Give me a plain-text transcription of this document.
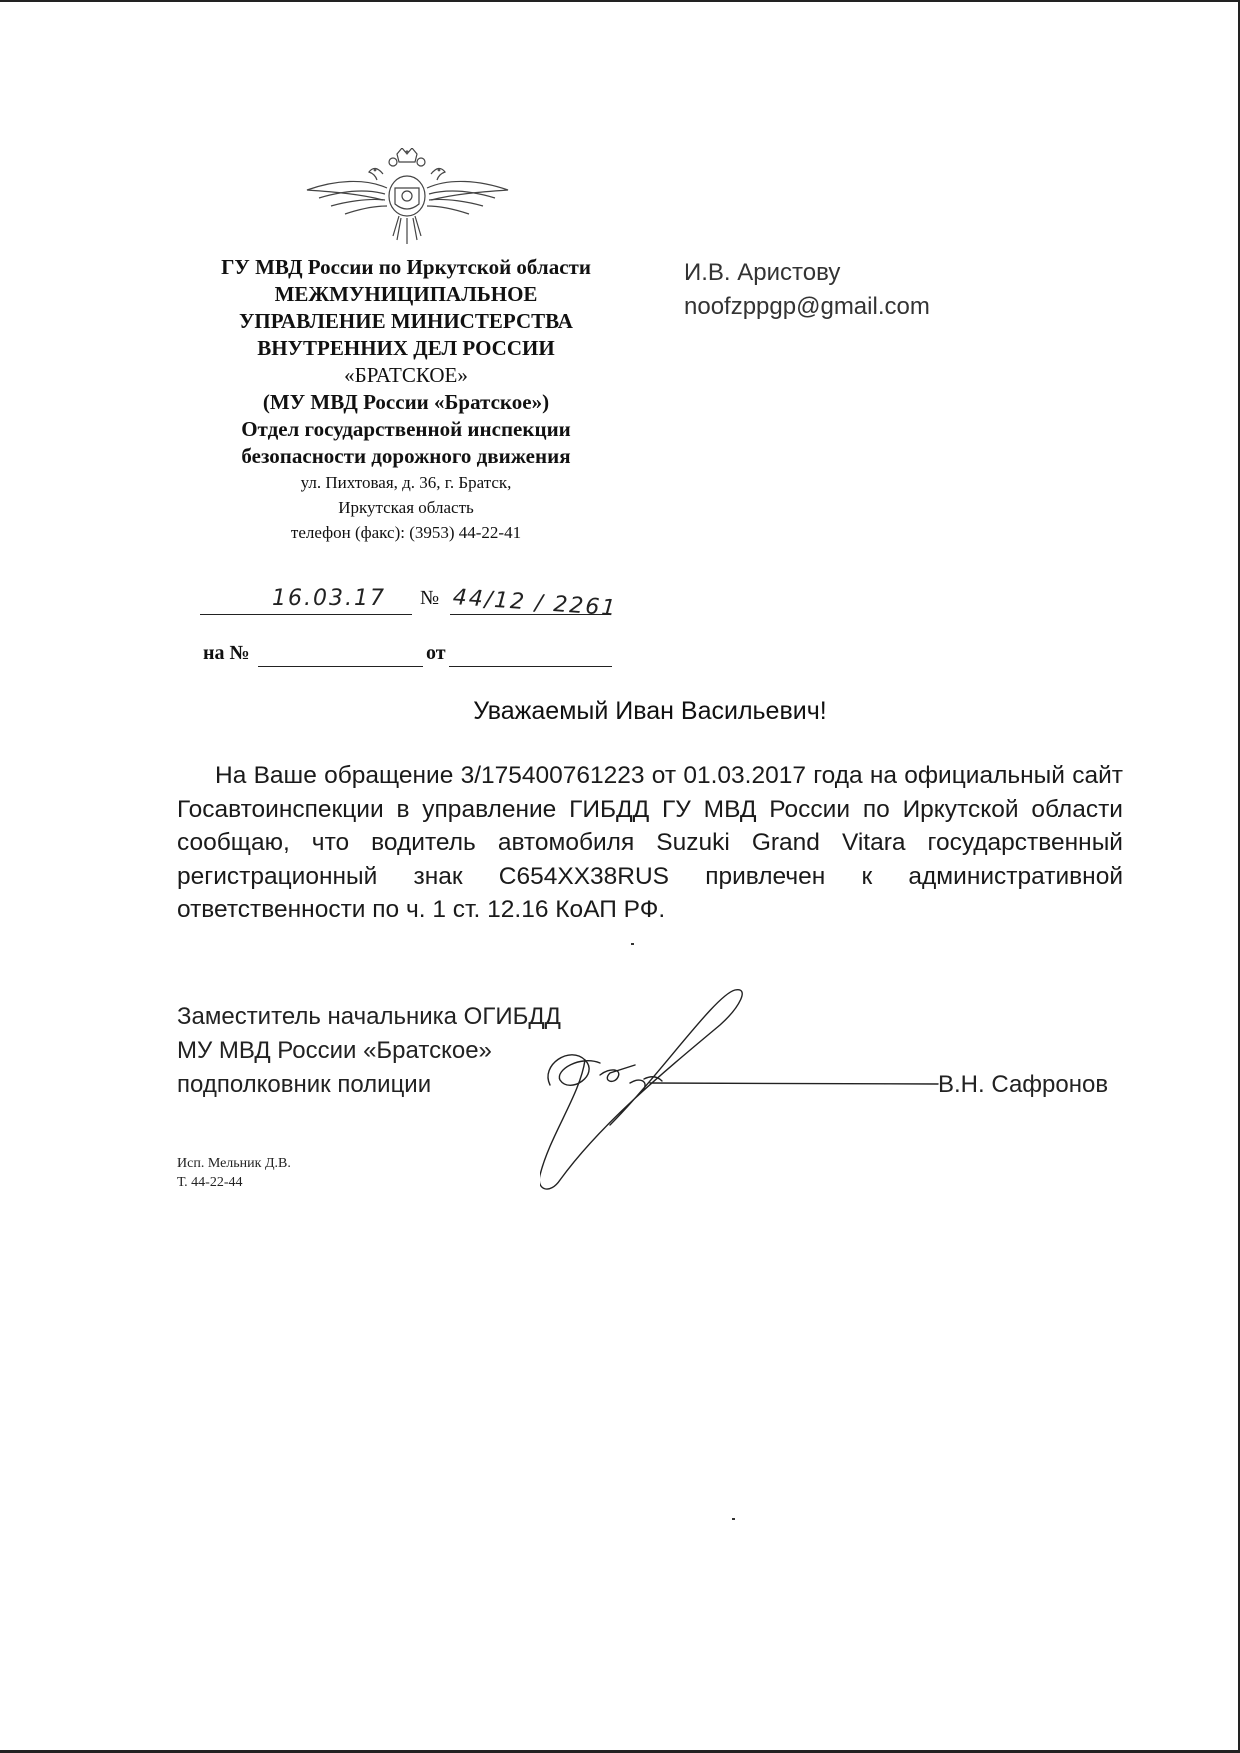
ГУ МВД России по Иркутской области
МЕЖМУНИЦИПАЛЬНОЕ
УПРАВЛЕНИЕ МИНИСТЕРСТВА
ВНУТРЕННИХ ДЕЛ РОССИИ
«БРАТСКОЕ»
(МУ МВД России «Братское»)
Отдел государственной инспекции
безопасности дорожного движения
ул. Пихтовая, д. 36, г. Братск,
Иркутская область
телефон (факс): (3953) 44-22-41
И.В. Аристову
noofzppgp@gmail.com
16.03.17 № 44/12 / 2261
на №	от
Уважаемый Иван Васильевич!
На Ваше обращение 3/175400761223 от 01.03.2017 года на официальный сайт Госавтоинспекции в управление ГИБДД ГУ МВД России по Иркутской области сообщаю, что водитель автомобиля Suzuki Grand Vitara государственный регистрационный знак С654ХХ38RUS привлечен к административной ответственности по ч. 1 ст. 12.16 КоАП РФ.
Заместитель начальника ОГИБДД
МУ МВД России «Братское»
подполковник полиции	В.Н. Сафронов
Исп. Мельник Д.В.
Т. 44-22-44
